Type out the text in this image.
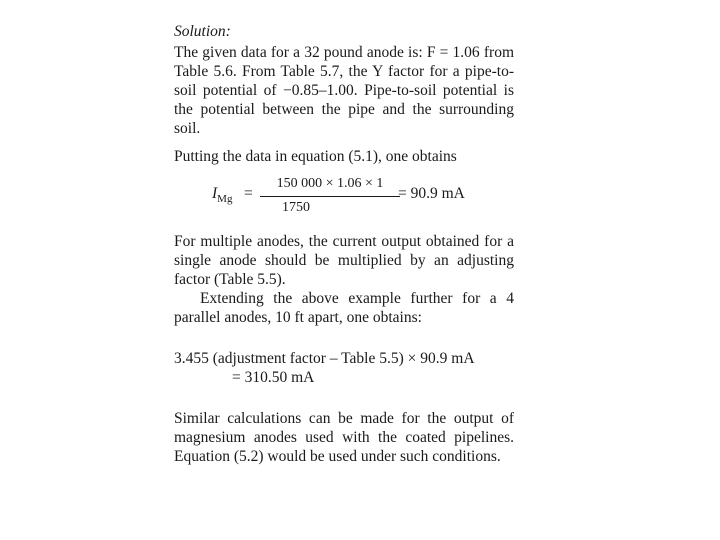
Solution:

The given data for a 32 pound anode is: F = 1.06 from Table 5.6. From Table 5.7, the Y factor for a pipe-to-soil potential of −0.85–1.00. Pipe-to-soil potential is the potential between the pipe and the surrounding soil.

Putting the data in equation (5.1), one obtains

$I_{Mg}$ =
150 000 × 1.06 × 1
1750
= 90.9 mA

For multiple anodes, the current output obtained for a single anode should be multiplied by an adjusting factor (Table 5.5).

Extending the above example further for a 4 parallel anodes, 10 ft apart, one obtains:

3.455 (adjustment factor – Table 5.5) × 90.9 mA

= 310.50 mA

Similar calculations can be made for the output of magnesium anodes used with the coated pipelines. Equation (5.2) would be used under such conditions.
